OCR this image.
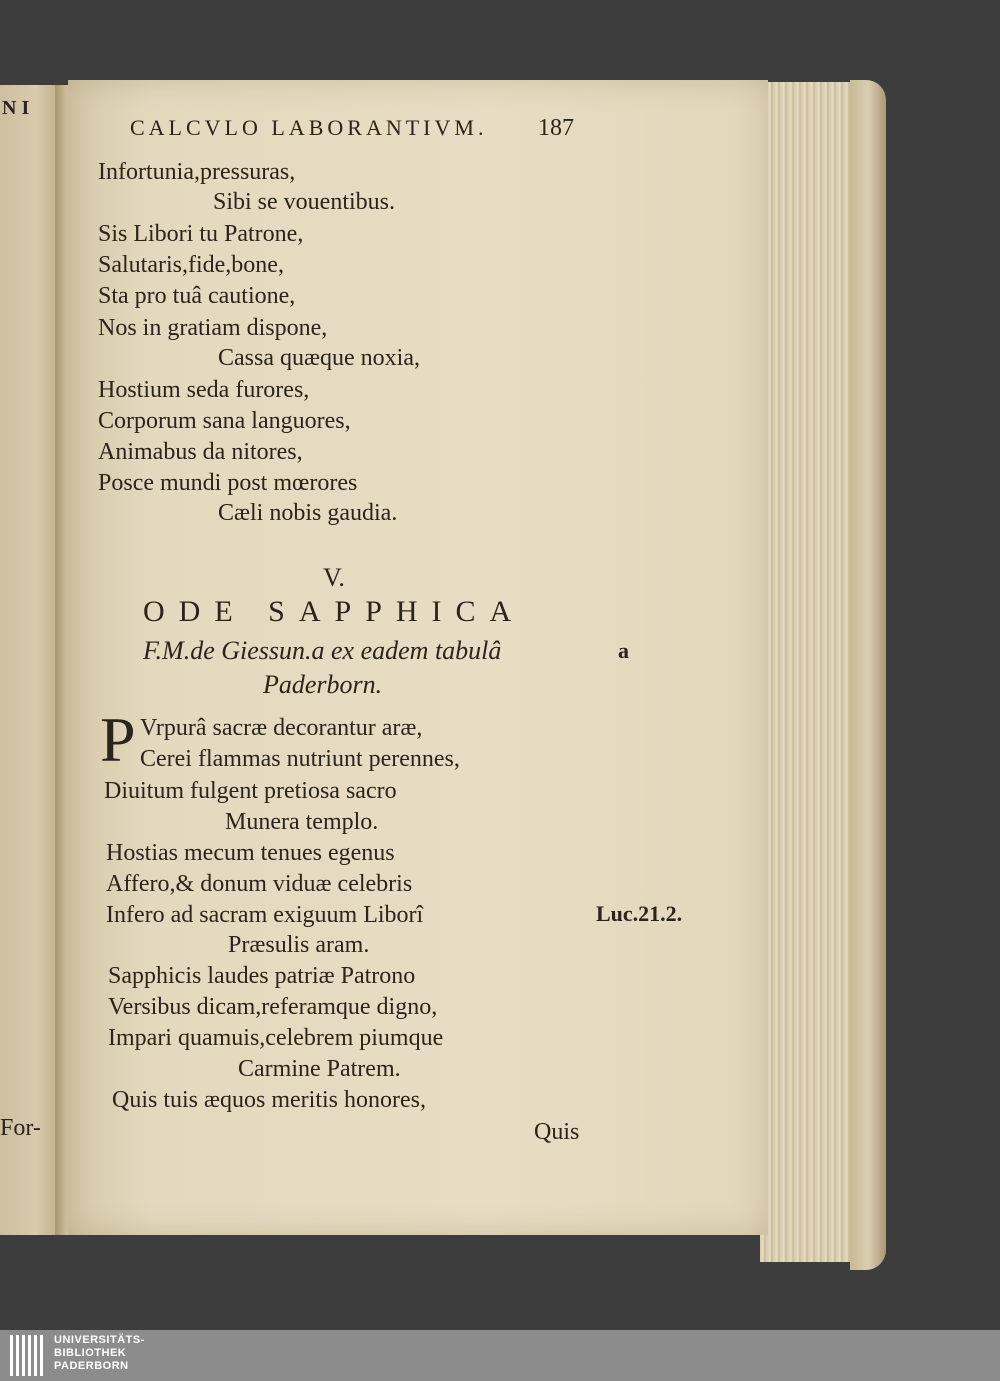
N I
For-
CALCVLO LABORANTIVM. 187
Infortunia,pressuras,
Sibi se vouentibus.
Sis Libori tu Patrone,
Salutaris,fide,bone,
Sta pro tuâ cautione,
Nos in gratiam dispone,
Cassa quæque noxia,
Hostium seda furores,
Corporum sana languores,
Animabus da nitores,
Posce mundi post mœrores
Cæli nobis gaudia.
V.
ODE SAPPHICA
F.M.de Giessun.a ex eadem tabulâ
Paderborn.
P Vrpurâ sacræ decorantur aræ,
Cerei flammas nutriunt perennes,
Diuitum fulgent pretiosa sacro
Munera templo.
Hostias mecum tenues egenus
Affero,& donum viduæ celebris
Infero ad sacram exiguum Liborî
Præsulis aram.
Sapphicis laudes patriæ Patrono
Versibus dicam,referamque digno,
Impari quamuis,celebrem piumque
Carmine Patrem.
Quis tuis æquos meritis honores,
a
Luc.21.2.
Quis
UNIVERSITÄTS-
BIBLIOTHEK
PADERBORN
